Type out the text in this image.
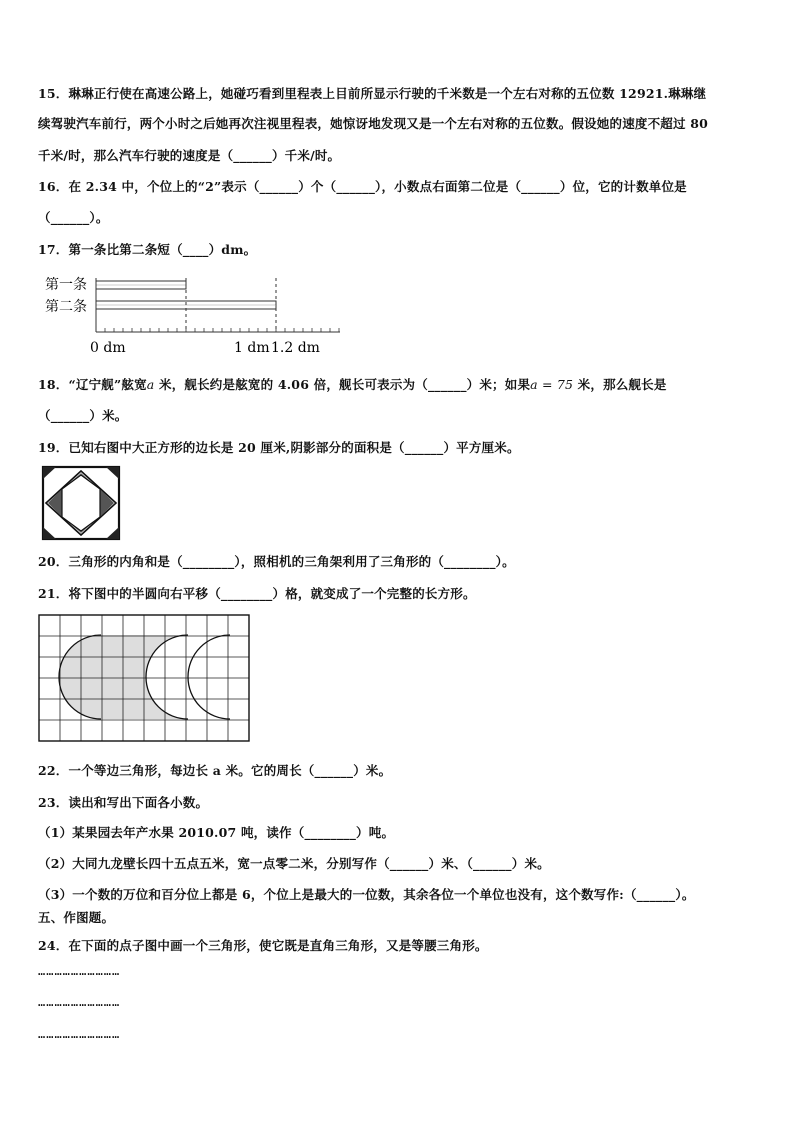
15．琳琳正行使在高速公路上，她碰巧看到里程表上目前所显示行驶的千米数是一个左右对称的五位数 12921.琳琳继
续驾驶汽车前行，两个小时之后她再次注视里程表，她惊讶地发现又是一个左右对称的五位数。假设她的速度不超过 80
千米/时，那么汽车行驶的速度是（______）千米/时。
16．在 2.34 中，个位上的“2”表示（______）个（______），小数点右面第二位是（______）位，它的计数单位是
（______）。
17．第一条比第二条短（____）dm。
第一条
第二条
0 dm	1 dm 1.2 dm
18．“辽宁舰”舷宽a 米，舰长约是舷宽的 4.06 倍，舰长可表示为（______）米；如果a = 75 米，那么舰长是
（______）米。
19．已知右图中大正方形的边长是 20 厘米,阴影部分的面积是（______）平方厘米。
20．三角形的内角和是（________），照相机的三角架利用了三角形的（________）。
21．将下图中的半圆向右平移（________）格，就变成了一个完整的长方形。
22．一个等边三角形，每边长 a 米。它的周长（______）米。
23．读出和写出下面各小数。
（1）某果园去年产水果 2010.07 吨，读作（________）吨。
（2）大同九龙壁长四十五点五米，宽一点零二米，分别写作（______）米、（______）米。
（3）一个数的万位和百分位上都是 6，个位上是最大的一位数，其余各位一个单位也没有，这个数写作:（______）。
五、作图题。
24．在下面的点子图中画一个三角形，使它既是直角三角形，又是等腰三角形。
…………………………
…………………………
…………………………
